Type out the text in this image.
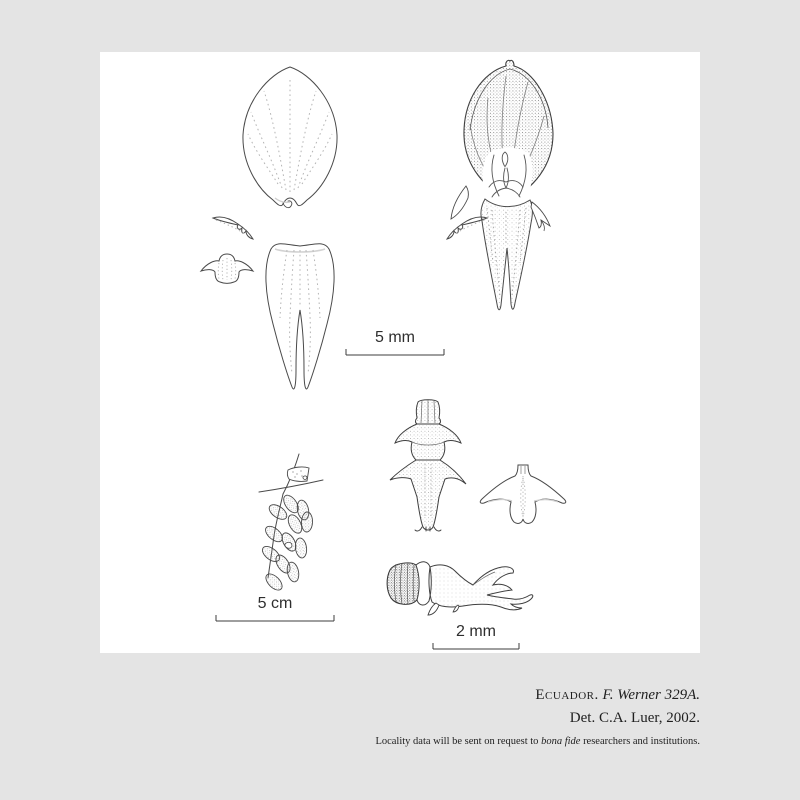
5 mm
5 cm
2 mm
Ecuador. F. Werner 329A.
Det. C.A. Luer, 2002.
Locality data will be sent on request to bona fide researchers and institutions.
